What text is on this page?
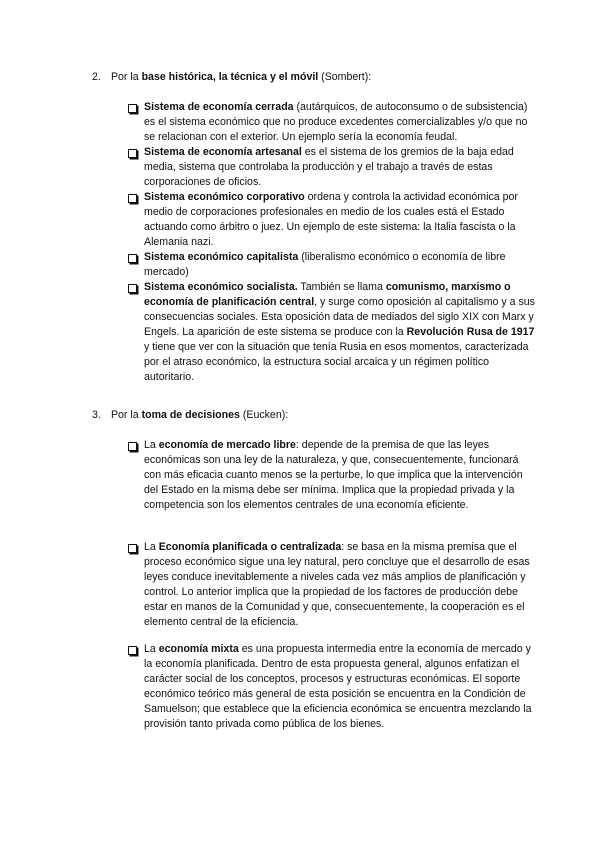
2. Por la base histórica, la técnica y el móvil (Sombert):
Sistema de economía cerrada (autárquicos, de autoconsumo o de subsistencia) es el sistema económico que no produce excedentes comercializables y/o que no se relacionan con el exterior. Un ejemplo sería la economía feudal.
Sistema de economía artesanal es el sistema de los gremios de la baja edad media, sistema que controlaba la producción y el trabajo a través de estas corporaciones de oficios.
Sistema económico corporativo ordena y controla la actividad económica por medio de corporaciones profesionales en medio de los cuales está el Estado actuando como árbitro o juez. Un ejemplo de este sistema: la Italia fascista o la Alemania nazi.
Sistema económico capitalista (liberalismo económico o economía de libre mercado)
Sistema económico socialista. También se llama comunismo, marxismo o economía de planificación central, y surge como oposición al capitalismo y a sus consecuencias sociales. Esta oposición data de mediados del siglo XIX con Marx y Engels. La aparición de este sistema se produce con la Revolución Rusa de 1917 y tiene que ver con la situación que tenía Rusia en esos momentos, caracterizada por el atraso económico, la estructura social arcaica y un régimen político autoritario.
3. Por la toma de decisiones (Eucken):
La economía de mercado libre: depende de la premisa de que las leyes económicas son una ley de la naturaleza, y que, consecuentemente, funcionará con más eficacia cuanto menos se la perturbe, lo que implica que la intervención del Estado en la misma debe ser mínima. Implica que la propiedad privada y la competencia son los elementos centrales de una economía eficiente.
La Economía planificada o centralizada: se basa en la misma premisa que el proceso económico sigue una ley natural, pero concluye que el desarrollo de esas leyes conduce inevitablemente a niveles cada vez más amplios de planificación y control. Lo anterior implica que la propiedad de los factores de producción debe estar en manos de la Comunidad y que, consecuentemente, la cooperación es el elemento central de la eficiencia.
La economía mixta es una propuesta intermedia entre la economía de mercado y la economía planificada. Dentro de esta propuesta general, algunos enfatizan el carácter social de los conceptos, procesos y estructuras económicas. El soporte económico teórico más general de esta posición se encuentra en la Condición de Samuelson; que establece que la eficiencia económica se encuentra mezclando la provisión tanto privada como pública de los bienes.
